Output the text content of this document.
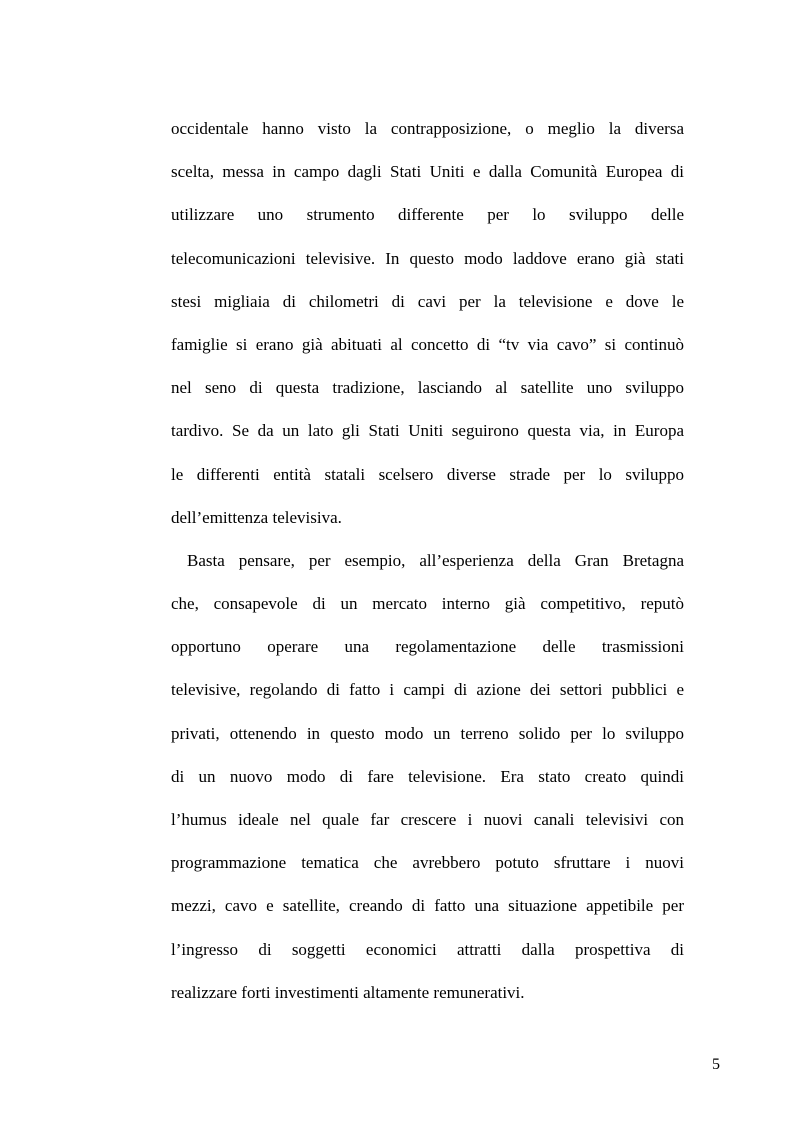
occidentale hanno visto la contrapposizione, o meglio la diversa
scelta, messa in campo dagli Stati Uniti e dalla Comunità Europea di
utilizzare uno strumento differente per lo sviluppo delle
telecomunicazioni televisive. In questo modo laddove erano già stati
stesi migliaia di chilometri di cavi per la televisione e dove le
famiglie si erano già abituati al concetto di “tv via cavo” si continuò
nel seno di questa tradizione, lasciando al satellite uno sviluppo
tardivo. Se da un lato gli Stati Uniti seguirono questa via, in Europa
le differenti entità statali scelsero diverse strade per lo sviluppo
dell’emittenza televisiva.
Basta pensare, per esempio, all’esperienza della Gran Bretagna
che, consapevole di un mercato interno già competitivo, reputò
opportuno operare una regolamentazione delle trasmissioni
televisive, regolando di fatto i campi di azione dei settori pubblici e
privati, ottenendo in questo modo un terreno solido per lo sviluppo
di un nuovo modo di fare televisione. Era stato creato quindi
l’humus ideale nel quale far crescere i nuovi canali televisivi con
programmazione tematica che avrebbero potuto sfruttare i nuovi
mezzi, cavo e satellite, creando di fatto una situazione appetibile per
l’ingresso di soggetti economici attratti dalla prospettiva di
realizzare forti investimenti altamente remunerativi.
5
